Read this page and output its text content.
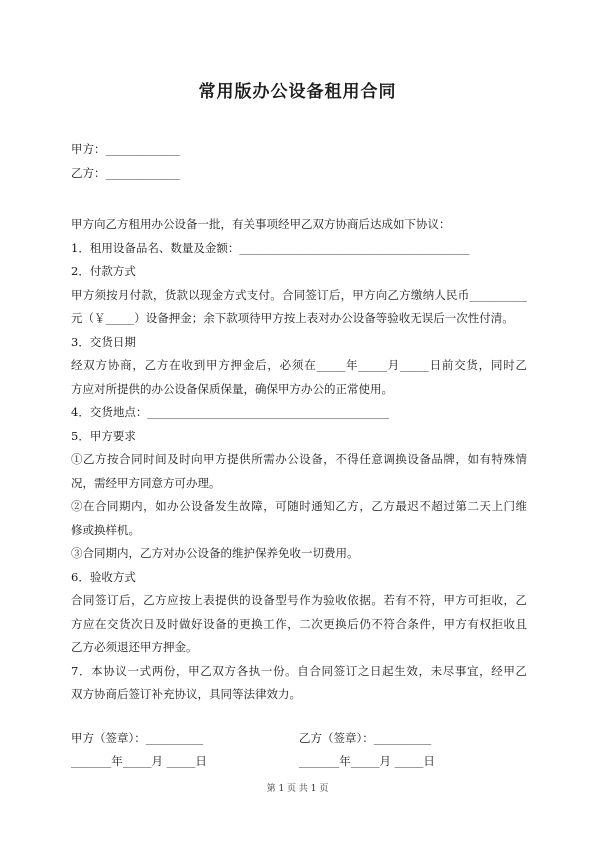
常用版办公设备租用合同
甲方：_____________
乙方：_____________
甲方向乙方租用办公设备一批，有关事项经甲乙双方协商后达成如下协议：
1．租用设备品名、数量及金额：________________________________________
2．付款方式
甲方须按月付款，货款以现金方式支付。合同签订后，甲方向乙方缴纳人民币__________
元（￥_____）设备押金；余下款项待甲方按上表对办公设备等验收无误后一次性付清。
3．交货日期
经双方协商，乙方在收到甲方押金后，必须在_____年_____月_____日前交货，同时乙
方应对所提供的办公设备保质保量，确保甲方办公的正常使用。
4．交货地点：__________________________________________
5．甲方要求
①乙方按合同时间及时向甲方提供所需办公设备，不得任意调换设备品牌，如有特殊情
况，需经甲方同意方可办理。
②在合同期内，如办公设备发生故障，可随时通知乙方，乙方最迟不超过第二天上门维
修或换样机。
③合同期内，乙方对办公设备的维护保养免收一切费用。
6．验收方式
合同签订后，乙方应按上表提供的设备型号作为验收依据。若有不符，甲方可拒收，乙
方应在交货次日及时做好设备的更换工作，二次更换后仍不符合条件，甲方有权拒收且
乙方必须退还甲方押金。
7．本协议一式两份，甲乙双方各执一份。自合同签订之日起生效，未尽事宜，经甲乙
双方协商后签订补充协议，具同等法律效力。
甲方（签章）：__________	乙方（签章）：__________
_______年_____月 _____日	_______年_____月 _____日
第 1 页 共 1 页
